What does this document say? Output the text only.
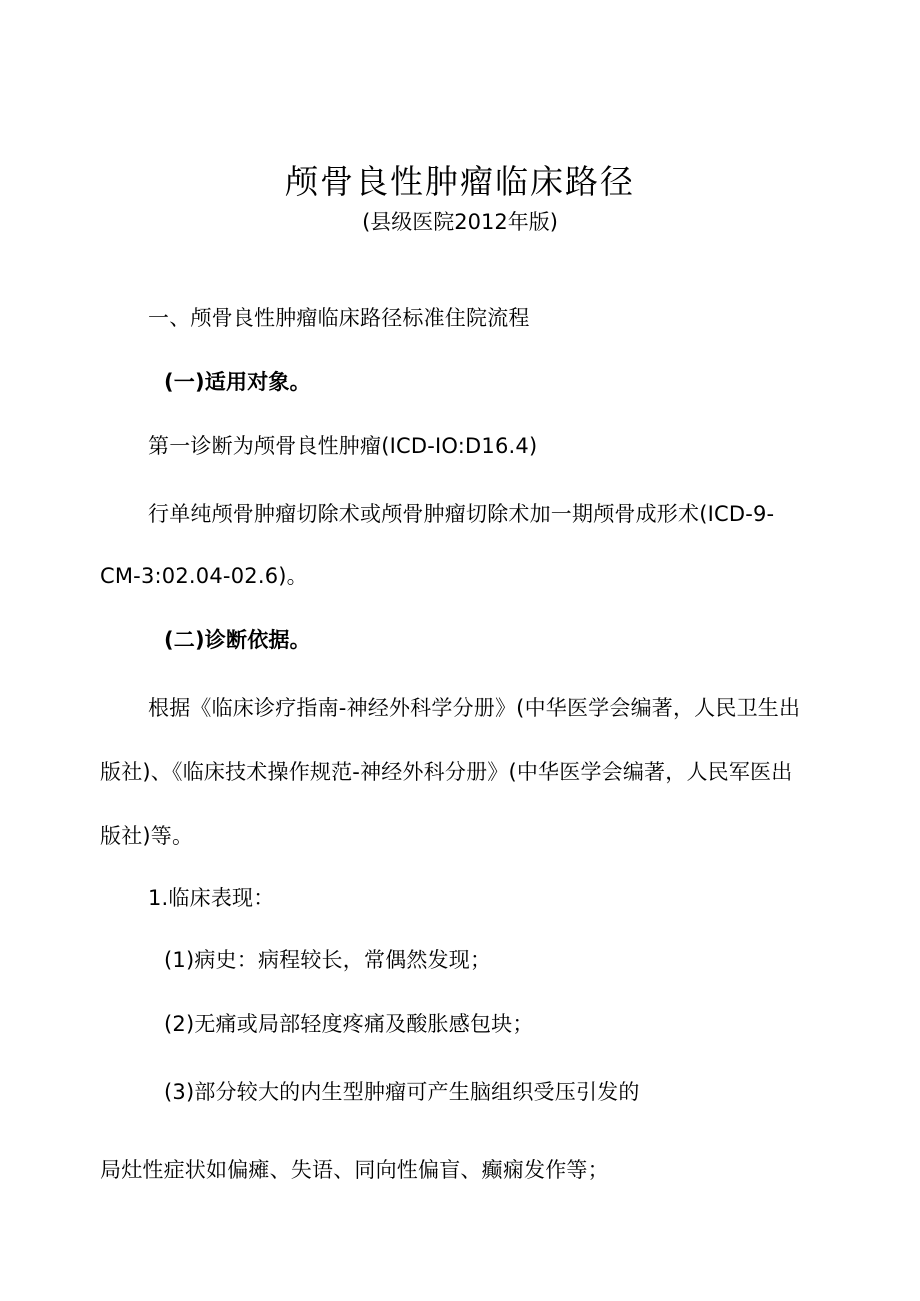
颅骨良性肿瘤临床路径
(县级医院2012年版)
一、颅骨良性肿瘤临床路径标准住院流程
(一)适用对象。
第一诊断为颅骨良性肿瘤(ICD-IO:D16.4)
行单纯颅骨肿瘤切除术或颅骨肿瘤切除术加一期颅骨成形术(ICD-9-
CM-3:02.04-02.6)。
(二)诊断依据。
根据《临床诊疗指南-神经外科学分册》(中华医学会编著，人民卫生出
版社)、《临床技术操作规范-神经外科分册》(中华医学会编著，人民军医出
版社)等。
1.临床表现：
(1)病史：病程较长，常偶然发现；
(2)无痛或局部轻度疼痛及酸胀感包块；
(3)部分较大的内生型肿瘤可产生脑组织受压引发的
局灶性症状如偏瘫、失语、同向性偏盲、癫痫发作等；
